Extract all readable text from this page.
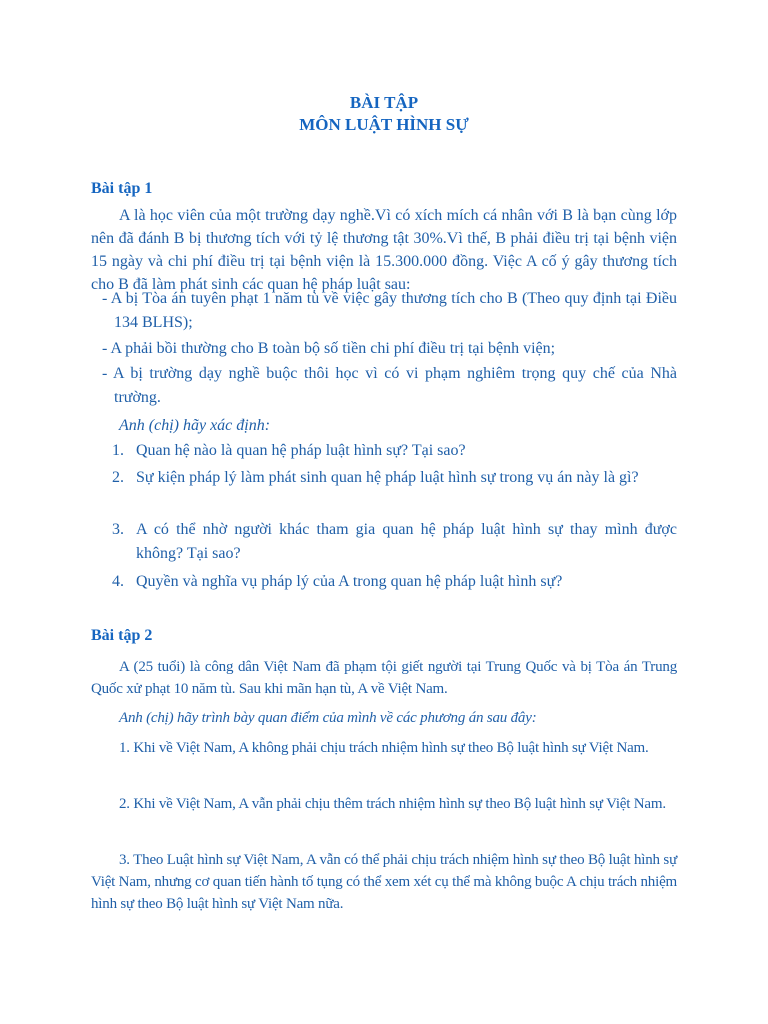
BÀI TẬP
MÔN LUẬT HÌNH SỰ
Bài tập 1
A là học viên của một trường dạy nghề.Vì có xích mích cá nhân với B là bạn cùng lớp nên đã đánh B bị thương tích với tỷ lệ thương tật 30%.Vì thế, B phải điều trị tại bệnh viện 15 ngày và chi phí điều trị tại bệnh viện là 15.300.000 đồng. Việc A cố ý gây thương tích cho B đã làm phát sinh các quan hệ pháp luật sau:
- A bị Tòa án tuyên phạt 1 năm tù về việc gây thương tích cho B (Theo quy định tại Điều 134 BLHS);
- A phải bồi thường cho B toàn bộ số tiền chi phí điều trị tại bệnh viện;
- A bị trường dạy nghề buộc thôi học vì có vi phạm nghiêm trọng quy chế của Nhà trường.
Anh (chị) hãy xác định:
1. Quan hệ nào là quan hệ pháp luật hình sự? Tại sao?
2. Sự kiện pháp lý làm phát sinh quan hệ pháp luật hình sự trong vụ án này là gì?
3. A có thể nhờ người khác tham gia quan hệ pháp luật hình sự thay mình được không? Tại sao?
4. Quyền và nghĩa vụ pháp lý của A trong quan hệ pháp luật hình sự?
Bài tập 2
A (25 tuổi) là công dân Việt Nam đã phạm tội giết người tại Trung Quốc và bị Tòa án Trung Quốc xử phạt 10 năm tù. Sau khi mãn hạn tù, A về Việt Nam.
Anh (chị) hãy trình bày quan điểm của mình về các phương án sau đây:
1. Khi về Việt Nam, A không phải chịu trách nhiệm hình sự theo Bộ luật hình sự Việt Nam.
2. Khi về Việt Nam, A vẫn phải chịu thêm trách nhiệm hình sự theo Bộ luật hình sự Việt Nam.
3. Theo Luật hình sự Việt Nam, A vẫn có thể phải chịu trách nhiệm hình sự theo Bộ luật hình sự Việt Nam, nhưng cơ quan tiến hành tố tụng có thể xem xét cụ thể mà không buộc A chịu trách nhiệm hình sự theo Bộ luật hình sự Việt Nam nữa.
